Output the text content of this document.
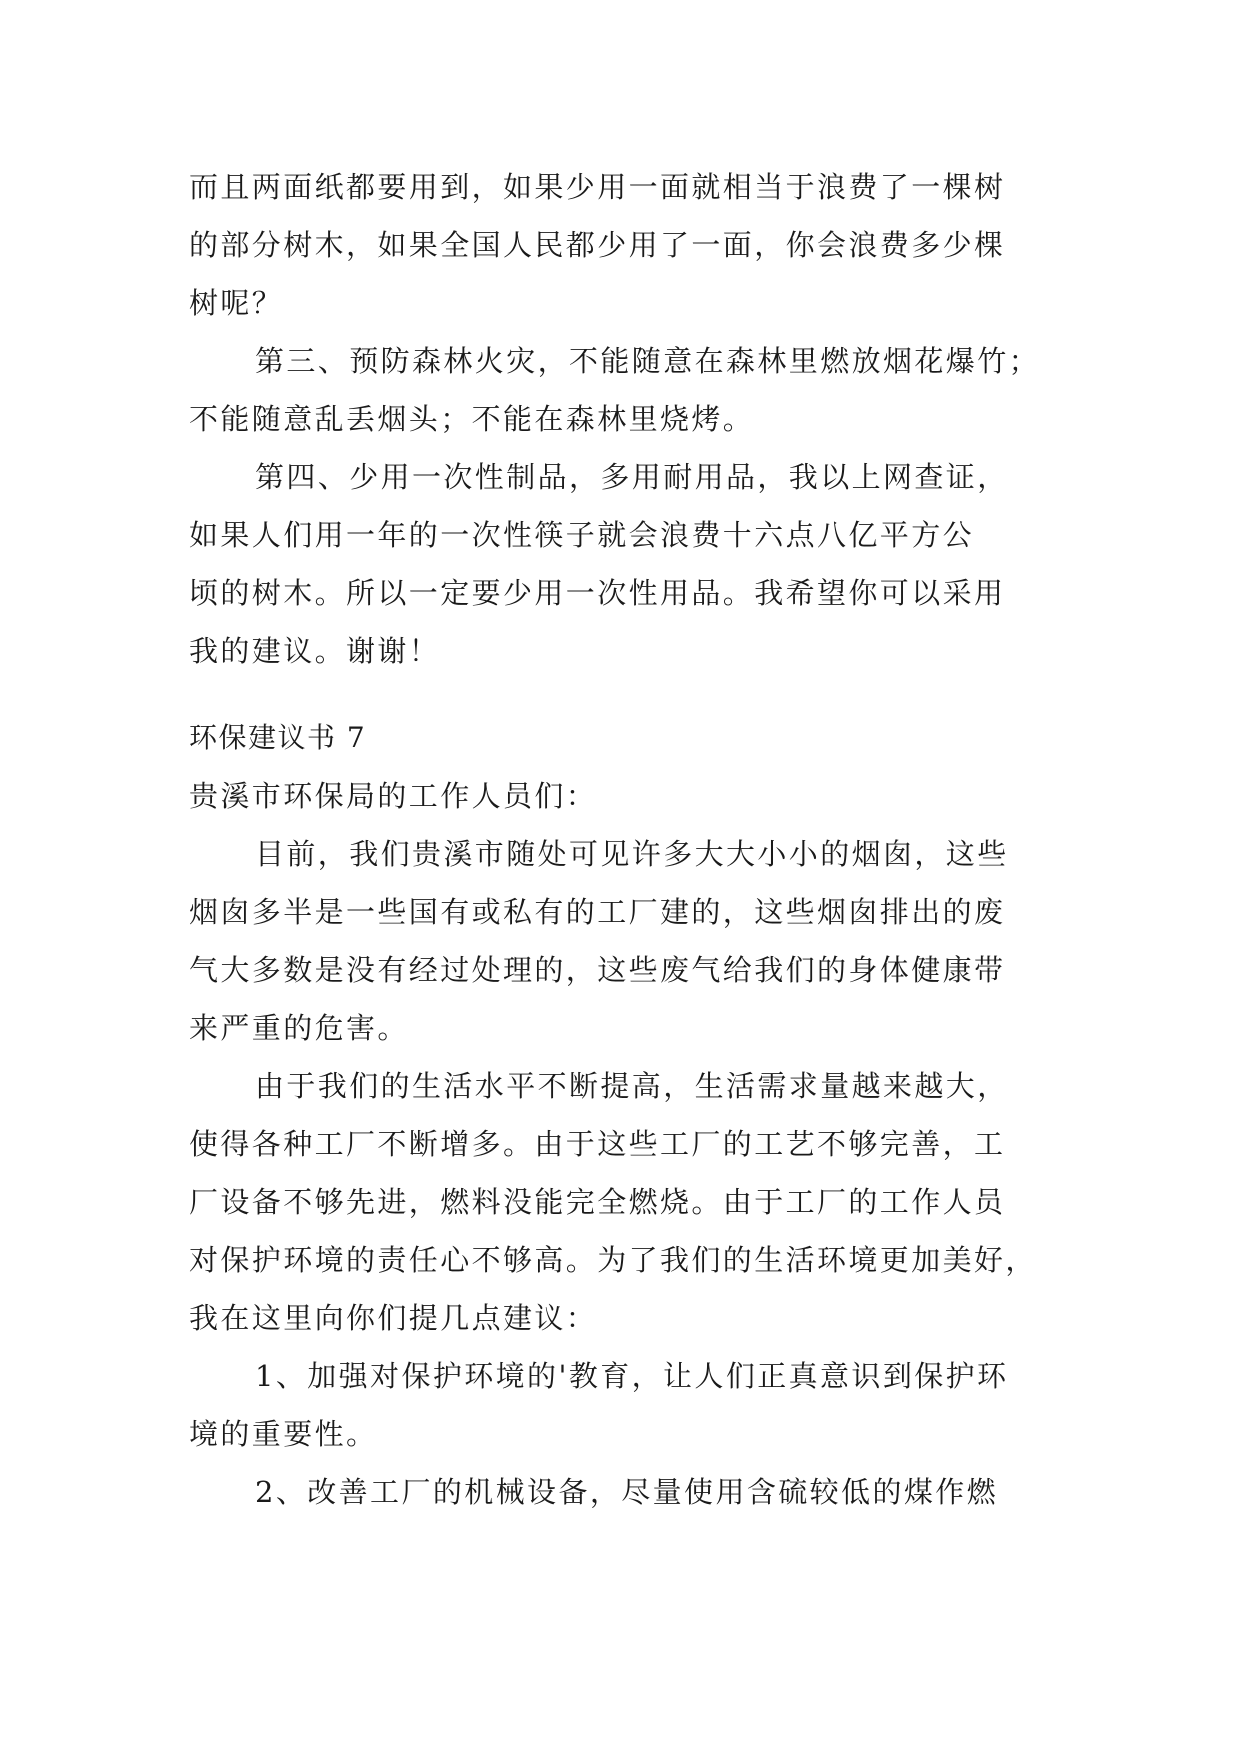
而且两面纸都要用到，如果少用一面就相当于浪费了一棵树
的部分树木，如果全国人民都少用了一面，你会浪费多少棵
树呢？
第三、预防森林火灾，不能随意在森林里燃放烟花爆竹；
不能随意乱丢烟头；不能在森林里烧烤。
第四、少用一次性制品，多用耐用品，我以上网查证，
如果人们用一年的一次性筷子就会浪费十六点八亿平方公
顷的树木。所以一定要少用一次性用品。我希望你可以采用
我的建议。谢谢！
环保建议书 7
贵溪市环保局的工作人员们：
目前，我们贵溪市随处可见许多大大小小的烟囱，这些
烟囱多半是一些国有或私有的工厂建的，这些烟囱排出的废
气大多数是没有经过处理的，这些废气给我们的身体健康带
来严重的危害。
由于我们的生活水平不断提高，生活需求量越来越大，
使得各种工厂不断增多。由于这些工厂的工艺不够完善，工
厂设备不够先进，燃料没能完全燃烧。由于工厂的工作人员
对保护环境的责任心不够高。为了我们的生活环境更加美好，
我在这里向你们提几点建议：
1、加强对保护环境的'教育，让人们正真意识到保护环
境的重要性。
2、改善工厂的机械设备，尽量使用含硫较低的煤作燃
